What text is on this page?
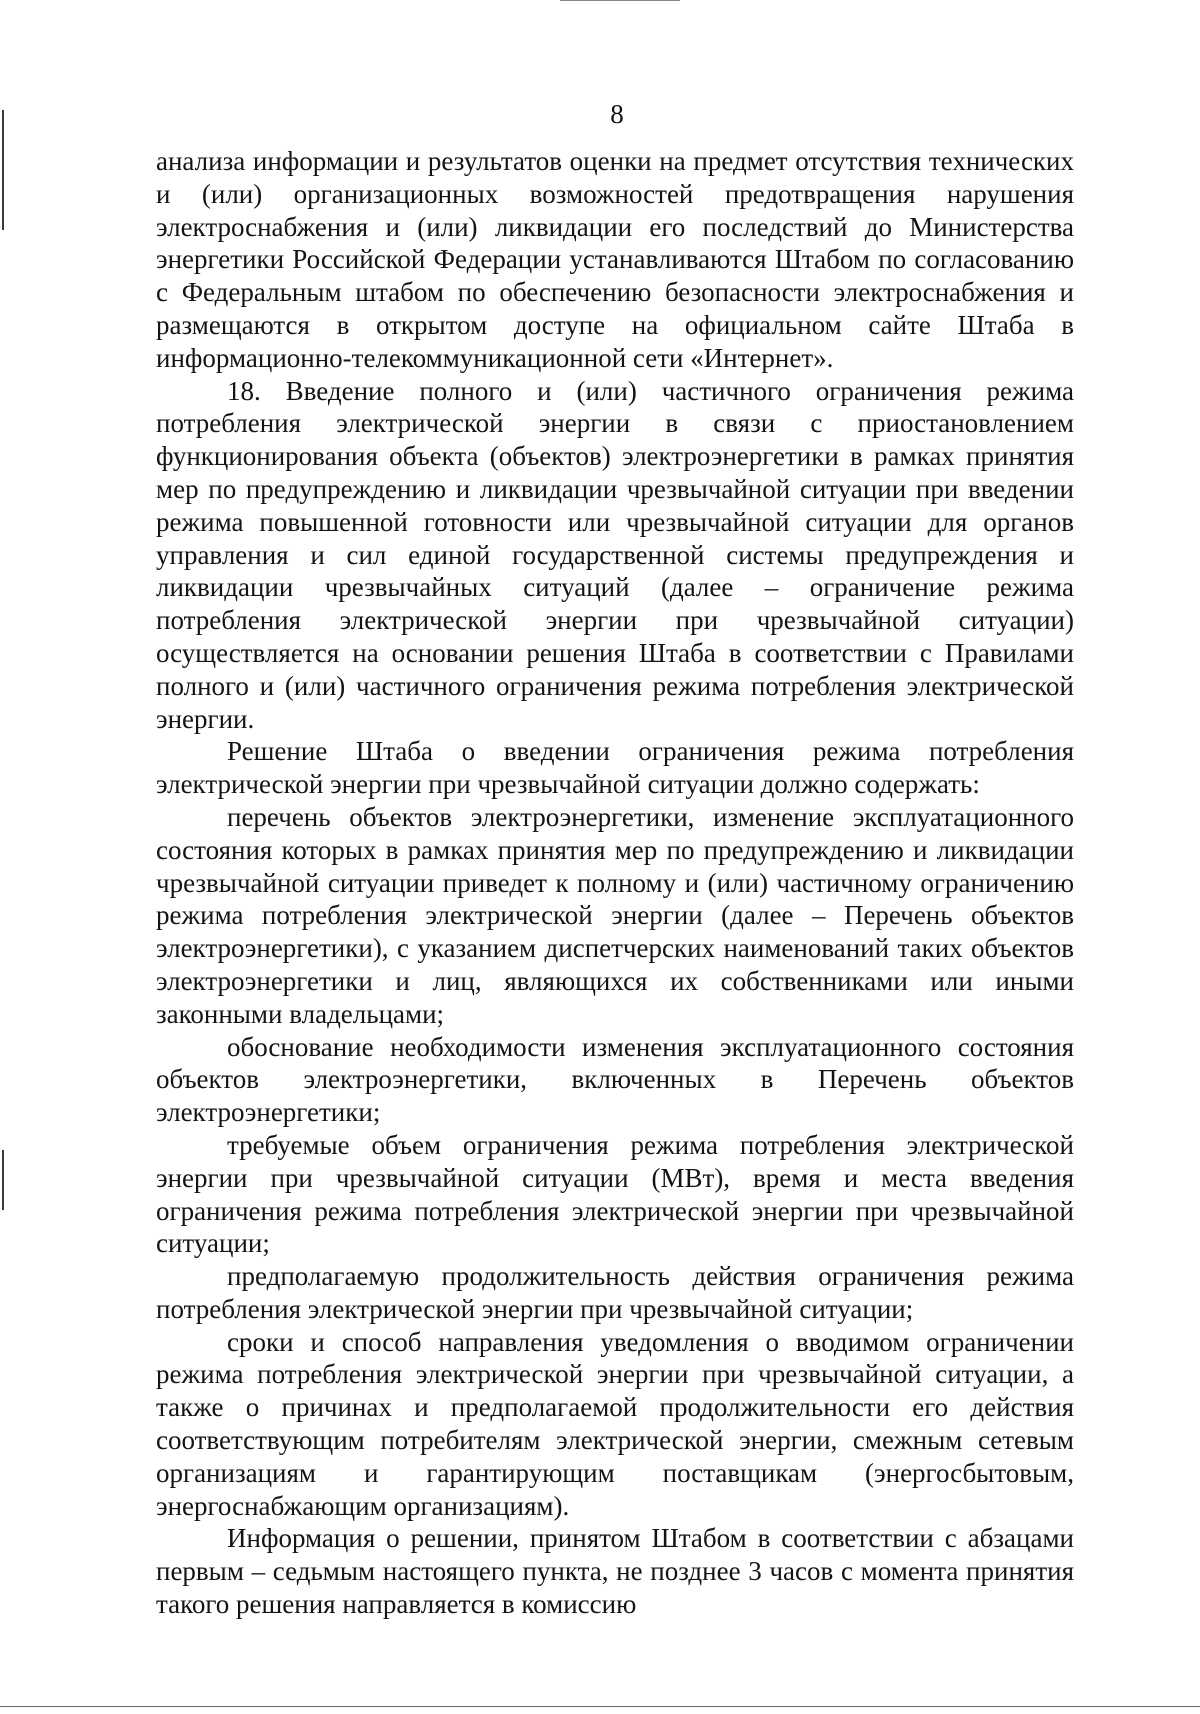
8

анализа информации и результатов оценки на предмет отсутствия технических и (или) организационных возможностей предотвращения нарушения электроснабжения и (или) ликвидации его последствий до Министерства энергетики Российской Федерации устанавливаются Штабом по согласованию с Федеральным штабом по обеспечению безопасности электроснабжения и размещаются в открытом доступе на официальном сайте Штаба в информационно-телекоммуникационной сети «Интернет».

18. Введение полного и (или) частичного ограничения режима потребления электрической энергии в связи с приостановлением функционирования объекта (объектов) электроэнергетики в рамках принятия мер по предупреждению и ликвидации чрезвычайной ситуации при введении режима повышенной готовности или чрезвычайной ситуации для органов управления и сил единой государственной системы предупреждения и ликвидации чрезвычайных ситуаций (далее – ограничение режима потребления электрической энергии при чрезвычайной ситуации) осуществляется на основании решения Штаба в соответствии с Правилами полного и (или) частичного ограничения режима потребления электрической энергии.

Решение Штаба о введении ограничения режима потребления электрической энергии при чрезвычайной ситуации должно содержать:

перечень объектов электроэнергетики, изменение эксплуатационного состояния которых в рамках принятия мер по предупреждению и ликвидации чрезвычайной ситуации приведет к полному и (или) частичному ограничению режима потребления электрической энергии (далее – Перечень объектов электроэнергетики), с указанием диспетчерских наименований таких объектов электроэнергетики и лиц, являющихся их собственниками или иными законными владельцами;

обоснование необходимости изменения эксплуатационного состояния объектов электроэнергетики, включенных в Перечень объектов электроэнергетики;

требуемые объем ограничения режима потребления электрической энергии при чрезвычайной ситуации (МВт), время и места введения ограничения режима потребления электрической энергии при чрезвычайной ситуации;

предполагаемую продолжительность действия ограничения режима потребления электрической энергии при чрезвычайной ситуации;

сроки и способ направления уведомления о вводимом ограничении режима потребления электрической энергии при чрезвычайной ситуации, а также о причинах и предполагаемой продолжительности его действия соответствующим потребителям электрической энергии, смежным сетевым организациям и гарантирующим поставщикам (энергосбытовым, энергоснабжающим организациям).

Информация о решении, принятом Штабом в соответствии с абзацами первым – седьмым настоящего пункта, не позднее 3 часов с момента принятия такого решения направляется в комиссию
